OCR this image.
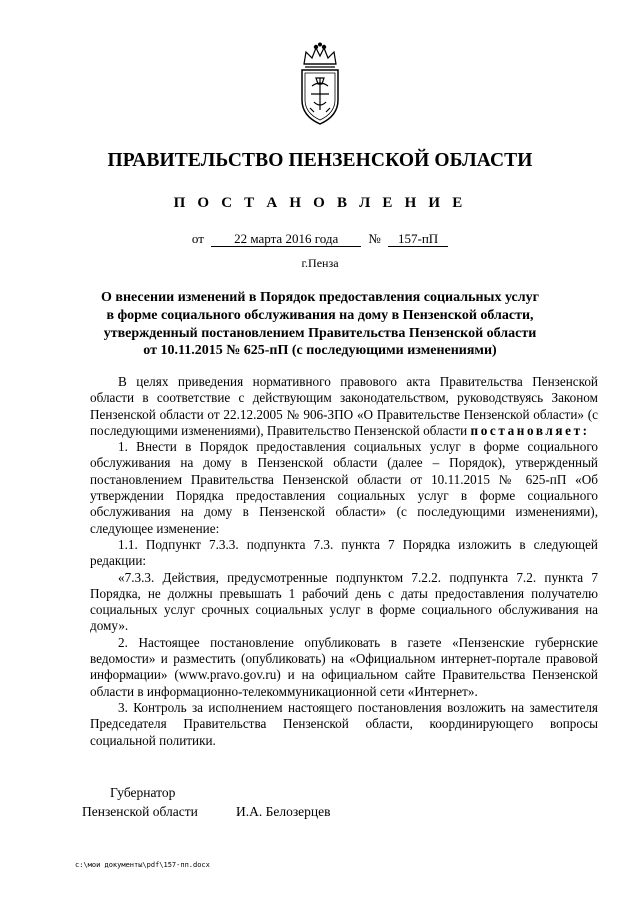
ПРАВИТЕЛЬСТВО ПЕНЗЕНСКОЙ ОБЛАСТИ
П О С Т А Н О В Л Е Н И Е
от 22 марта 2016 года № 157-пП
г.Пенза
О внесении изменений в Порядок предоставления социальных услуг
в форме социального обслуживания на дому в Пензенской области,
утвержденный постановлением Правительства Пензенской области
от 10.11.2015 № 625-пП (с последующими изменениями)

В целях приведения нормативного правового акта Правительства Пензенской области в соответствие с действующим законодательством, руководствуясь Законом Пензенской области от 22.12.2005 № 906-ЗПО «О Правительстве Пензенской области» (с последующими изменениями), Правительство Пензенской области постановляет:

1. Внести в Порядок предоставления социальных услуг в форме социального обслуживания на дому в Пензенской области (далее – Порядок), утвержденный постановлением Правительства Пензенской области от 10.11.2015 № 625-пП «Об утверждении Порядка предоставления социальных услуг в форме социального обслуживания на дому в Пензенской области» (с последующими изменениями), следующее изменение:

1.1. Подпункт 7.3.3. подпункта 7.3. пункта 7 Порядка изложить в следующей редакции:

«7.3.3. Действия, предусмотренные подпунктом 7.2.2. подпункта 7.2. пункта 7 Порядка, не должны превышать 1 рабочий день с даты предоставления получателю социальных услуг срочных социальных услуг в форме социального обслуживания на дому».

2. Настоящее постановление опубликовать в газете «Пензенские губернские ведомости» и разместить (опубликовать) на «Официальном интернет-портале правовой информации» (www.pravo.gov.ru) и на официальном сайте Правительства Пензенской области в информационно-телекоммуникационной сети «Интернет».

3. Контроль за исполнением настоящего постановления возложить на заместителя Председателя Правительства Пензенской области, координирующего вопросы социальной политики.

Губернатор
Пензенской области	И.А. Белозерцев
c:\мои документы\pdf\157-пп.docx
